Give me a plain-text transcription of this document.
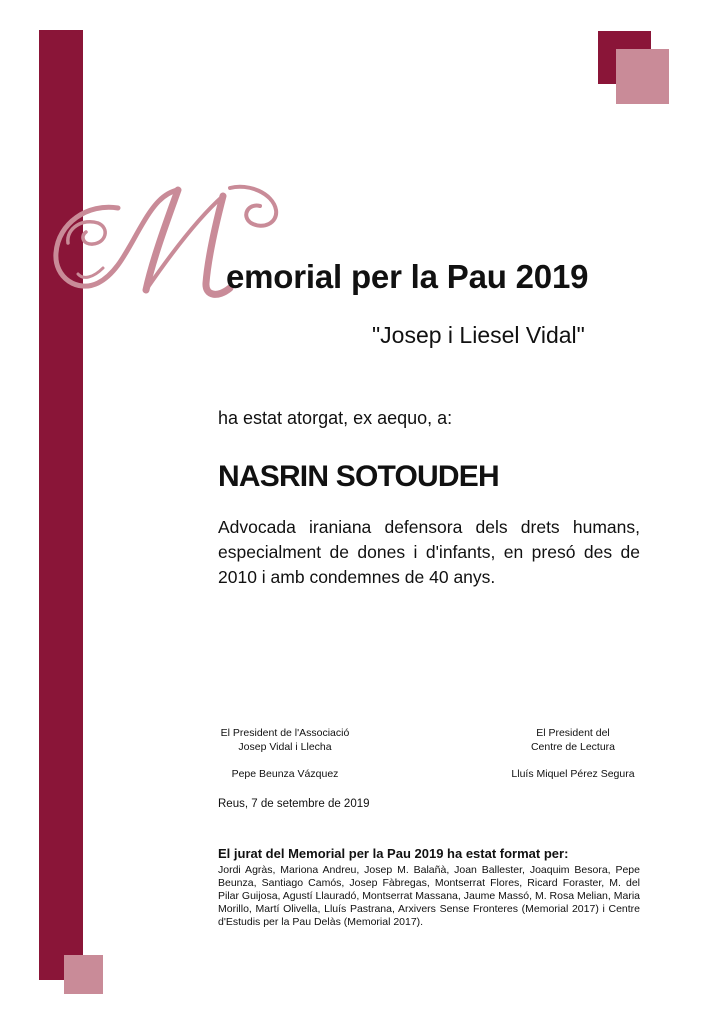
emorial per la Pau 2019
"Josep i Liesel Vidal"
ha estat atorgat, ex aequo, a:
NASRIN SOTOUDEH
Advocada iraniana defensora dels drets humans, especialment de dones i d'infants, en presó des de 2010 i amb condemnes de 40 anys.
El President de l'Associació
Josep Vidal i Llecha
Pepe Beunza Vázquez
El President del
Centre de Lectura
Lluís Miquel Pérez Segura
Reus, 7 de setembre de 2019
El jurat del Memorial per la Pau 2019 ha estat format per:
Jordi Agràs, Mariona Andreu, Josep M. Balañà, Joan Ballester, Joaquim Besora, Pepe Beunza, Santiago Camós, Josep Fàbregas, Montserrat Flores, Ricard Foraster, M. del Pilar Guijosa, Agustí Llauradó, Montserrat Massana, Jaume Massó, M. Rosa Melian, Maria Morillo, Martí Olivella, Lluís Pastrana, Arxivers Sense Fronteres (Memorial 2017) i Centre d'Estudis per la Pau Delàs (Memorial 2017).
